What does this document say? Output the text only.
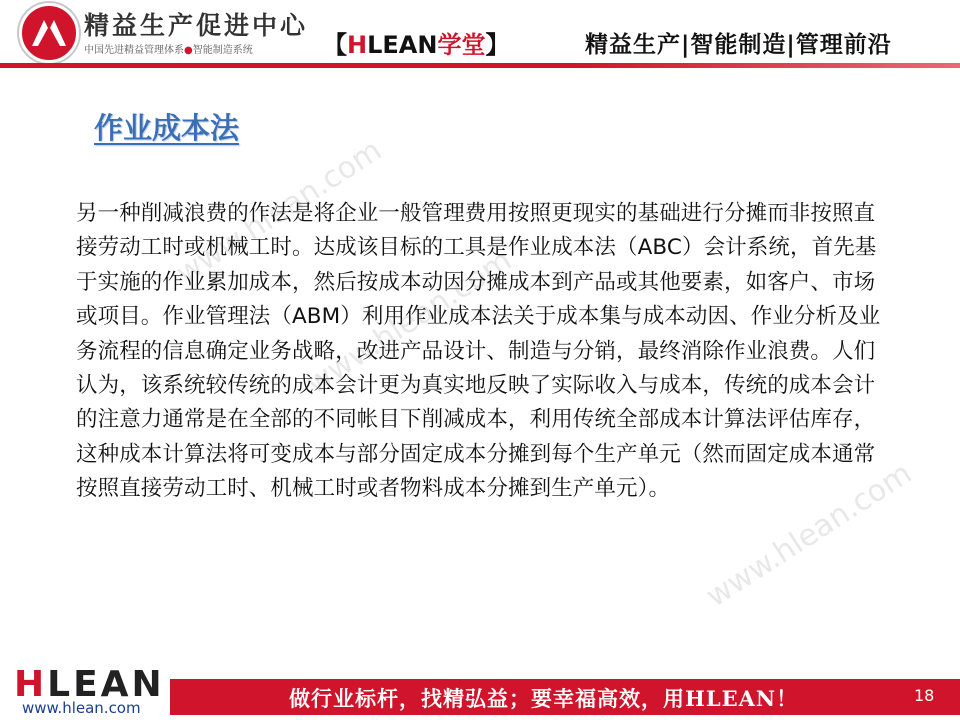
精益生产促进中心
中国先进精益管理体系●智能制造系统	【HLEAN学堂】	精益生产|智能制造|管理前沿
www.hlean.com
www.hlean.com
www.hlean.com
作业成本法

另一种削减浪费的作法是将企业一般管理费用按照更现实的基础进行分摊而非按照直接劳动工时或机械工时。达成该目标的工具是作业成本法（ABC）会计系统，首先基于实施的作业累加成本，然后按成本动因分摊成本到产品或其他要素，如客户、市场或项目。作业管理法（ABM）利用作业成本法关于成本集与成本动因、作业分析及业务流程的信息确定业务战略，改进产品设计、制造与分销，最终消除作业浪费。人们认为，该系统较传统的成本会计更为真实地反映了实际收入与成本，传统的成本会计的注意力通常是在全部的不同帐目下削减成本，利用传统全部成本计算法评估库存，这种成本计算法将可变成本与部分固定成本分摊到每个生产单元（然而固定成本通常按照直接劳动工时、机械工时或者物料成本分摊到生产单元）。

HLEAN
www.hlean.com	做行业标杆，找精弘益；要幸福高效，用HLEAN！	18
